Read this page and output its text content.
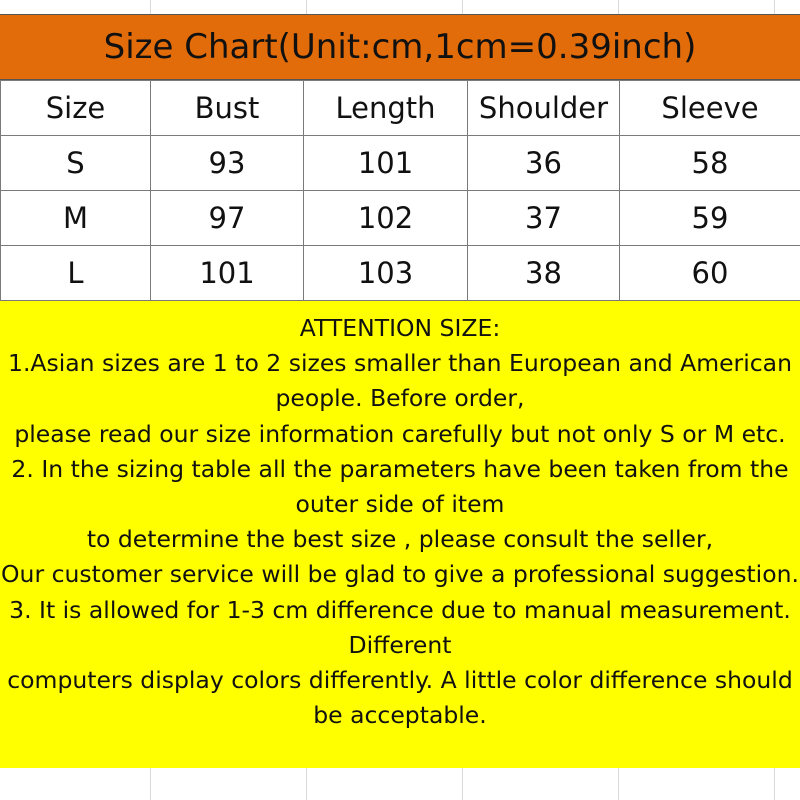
Size Chart(Unit:cm,1cm=0.39inch)
Size	Bust	Length	Shoulder	Sleeve
S	93	101	36	58
M	97	102	37	59
L	101	103	38	60
ATTENTION SIZE:
1.Asian sizes are 1 to 2 sizes smaller than European and American
people. Before order,
please read our size information carefully but not only S or M etc.
2. In the sizing table all the parameters have been taken from the
outer side of item
to determine the best size , please consult the seller,
Our customer service will be glad to give a professional suggestion.
3. It is allowed for 1-3 cm difference due to manual measurement.
Different
computers display colors differently. A little color difference should
be acceptable.
